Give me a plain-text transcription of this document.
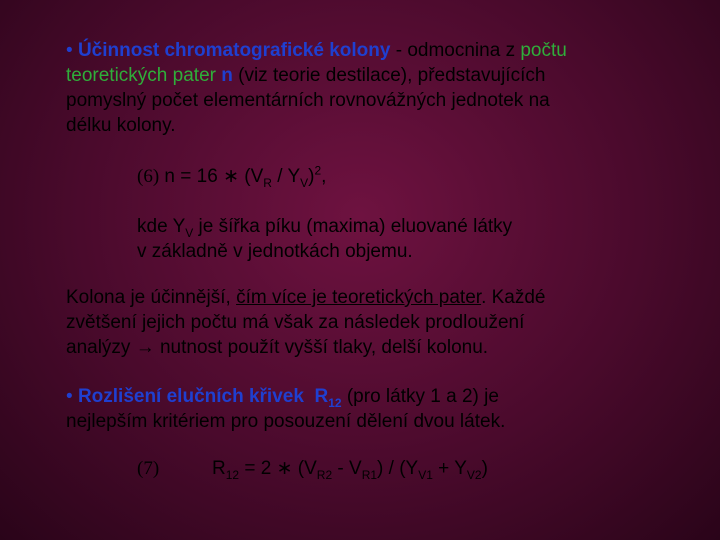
• Účinnost chromatografické kolony - odmocnina z počtu
teoretických pater n (viz teorie destilace), představujících
pomyslný počet elementárních rovnovážných jednotek na
délku kolony.
(6) n = 16 ∗ $(V_R / Y_V)^2$,
kde $Y_V$ je šířka píku (maxima) eluované látky
v základně v jednotkách objemu.
Kolona je účinnější, čím více je teoretických pater. Každé
zvětšení jejich počtu má však za následek prodloužení
analýzy → nutnost použít vyšší tlaky, delší kolonu.
• Rozlišení elučních křivek $R_{12}$ (pro látky 1 a 2) je
nejlepším kritériem pro posouzení dělení dvou látek.
(7)	$R_{12} = 2$ ∗ $(V_{R2} - V_{R1}) / (Y_{V1} + Y_{V2})$
